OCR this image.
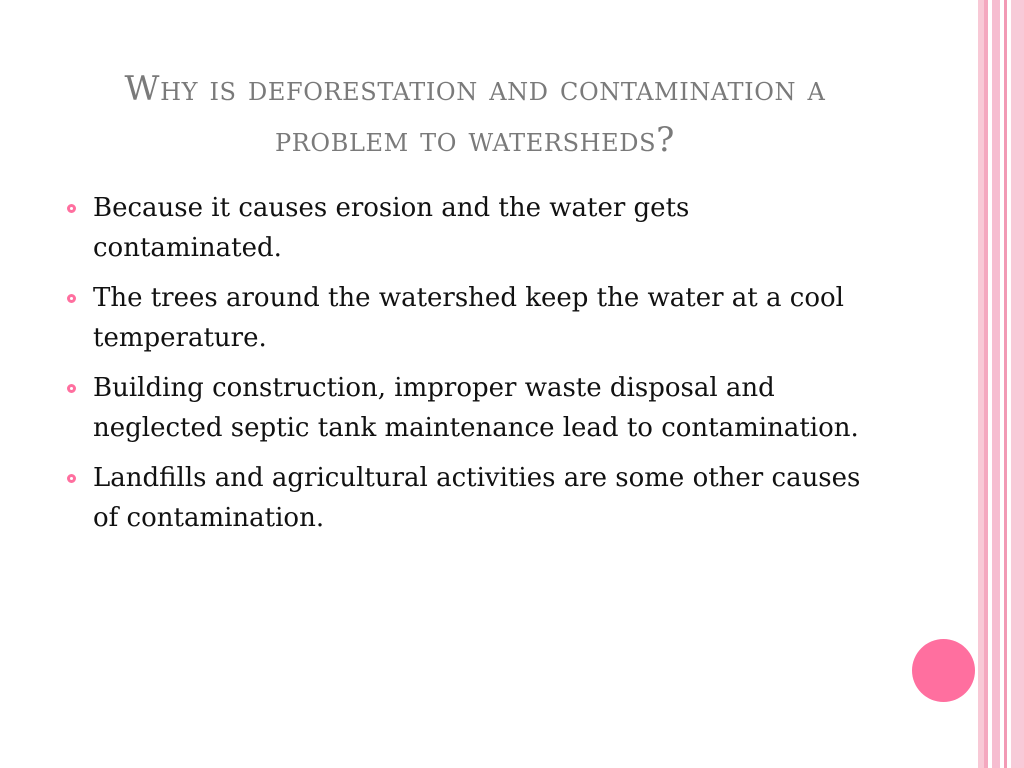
Why is deforestation and contamination a problem to watersheds?
Because it causes erosion and the water gets contaminated.
The trees around the watershed keep the water at a cool temperature.
Building construction, improper waste disposal and neglected septic tank maintenance lead to contamination.
Landfills and agricultural activities are some other causes of contamination.
